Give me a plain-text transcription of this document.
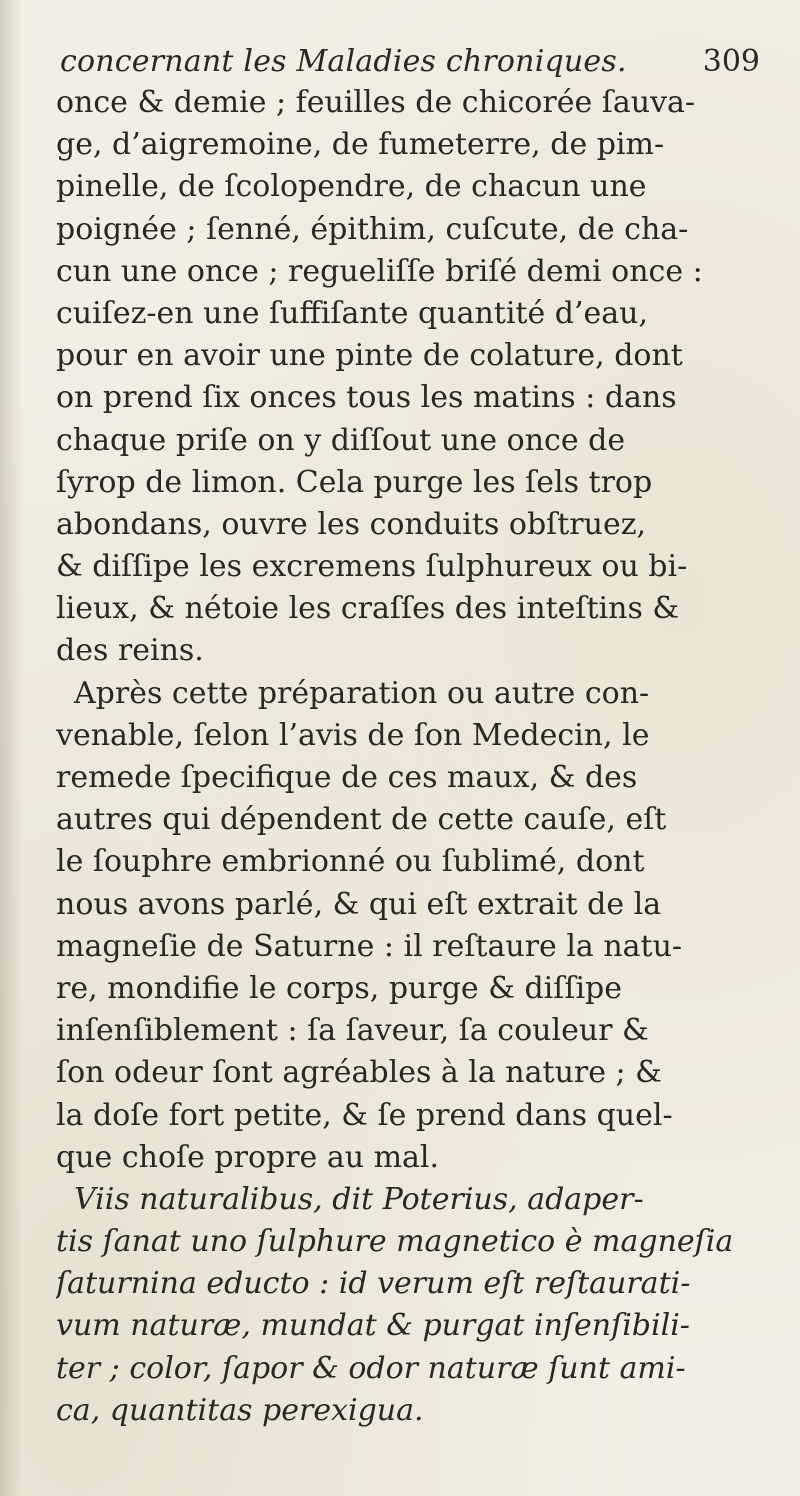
concernant les Maladies chroniques.	309
once & demie ; feuilles de chicorée ſauva-
ge, d’aigremoine, de fumeterre, de pim-
pinelle, de ſcolopendre, de chacun une
poignée ; ſenné, épithim, cuſcute, de cha-
cun une once ; regueliſſe briſé demi once :
cuiſez-en une ſuffiſante quantité d’eau,
pour en avoir une pinte de colature, dont
on prend ſix onces tous les matins : dans
chaque priſe on y diſſout une once de
ſyrop de limon. Cela purge les ſels trop
abondans, ouvre les conduits obſtruez,
& diſſipe les excremens ſulphureux ou bi-
lieux, & nétoie les craſſes des inteſtins &
des reins.
Après cette préparation ou autre con-
venable, ſelon l’avis de ſon Medecin, le
remede ſpecifique de ces maux, & des
autres qui dépendent de cette cauſe, eſt
le ſouphre embrionné ou ſublimé, dont
nous avons parlé, & qui eſt extrait de la
magneſie de Saturne : il reſtaure la natu-
re, mondifie le corps, purge & diſſipe
inſenſiblement : ſa ſaveur, ſa couleur &
ſon odeur ſont agréables à la nature ; &
la doſe fort petite, & ſe prend dans quel-
que choſe propre au mal.
Viis naturalibus, dit Poterius, adaper-
tis ſanat uno ſulphure magnetico è magneſia
ſaturnina educto : id verum eſt reſtaurati-
vum naturæ, mundat & purgat inſenſibili-
ter ; color, ſapor & odor naturæ ſunt ami-
ca, quantitas perexigua.
